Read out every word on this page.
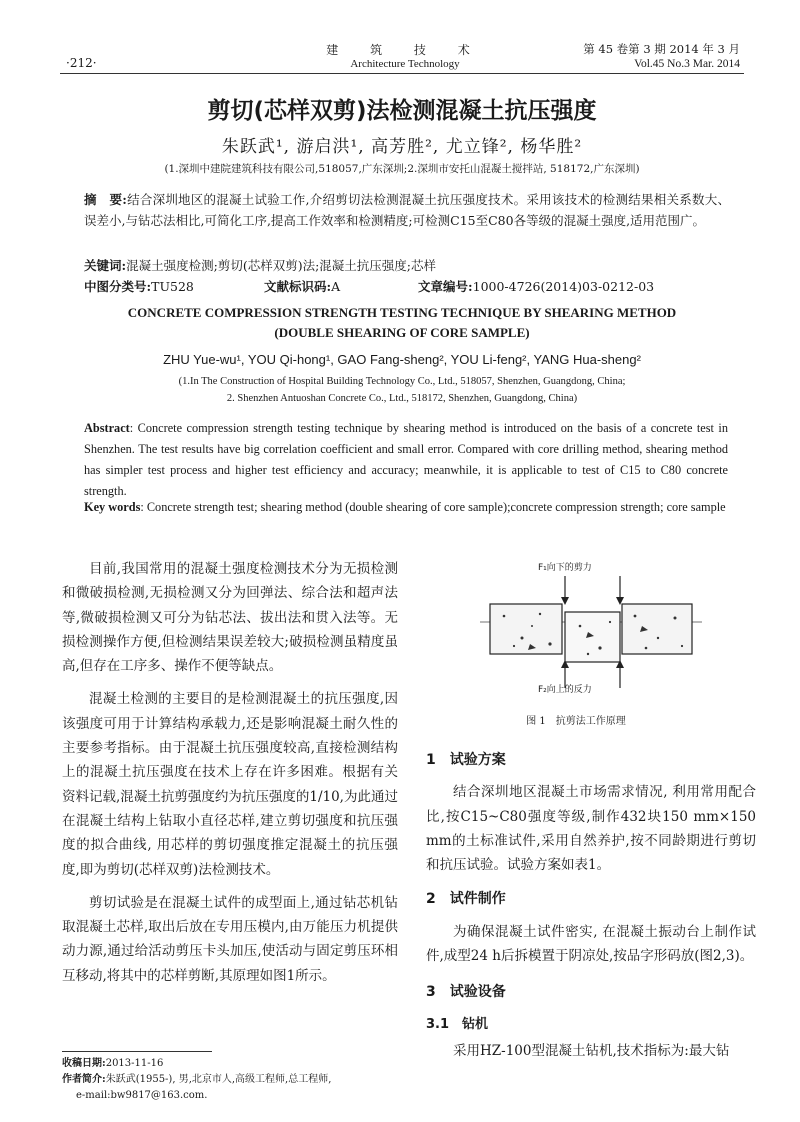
·212·
建 筑 技 术
Architecture Technology
第 45 卷第 3 期 2014 年 3 月
Vol.45 No.3 Mar. 2014
剪切(芯样双剪)法检测混凝土抗压强度
朱跃武¹, 游启洪¹, 高芳胜², 尤立锋², 杨华胜²
(1.深圳中建院建筑科技有限公司,518057,广东深圳;2.深圳市安托山混凝土搅拌站, 518172,广东深圳)
摘　要:结合深圳地区的混凝土试验工作,介绍剪切法检测混凝土抗压强度技术。采用该技术的检测结果相关系数大、误差小,与钻芯法相比,可简化工序,提高工作效率和检测精度;可检测C15至C80各等级的混凝土强度,适用范围广。
关键词:混凝土强度检测;剪切(芯样双剪)法;混凝土抗压强度;芯样
中图分类号:TU528	文献标识码:A	文章编号:1000-4726(2014)03-0212-03
CONCRETE COMPRESSION STRENGTH TESTING TECHNIQUE BY SHEARING METHOD
(DOUBLE SHEARING OF CORE SAMPLE)
ZHU Yue-wu¹, YOU Qi-hong¹, GAO Fang-sheng², YOU Li-feng², YANG Hua-sheng²
(1.In The Construction of Hospital Building Technology Co., Ltd., 518057, Shenzhen, Guangdong, China;
2. Shenzhen Antuoshan Concrete Co., Ltd., 518172, Shenzhen, Guangdong, China)
Abstract: Concrete compression strength testing technique by shearing method is introduced on the basis of a concrete test in Shenzhen. The test results have big correlation coefficient and small error. Compared with core drilling method, shearing method has simpler test process and higher test efficiency and accuracy; meanwhile, it is applicable to test of C15 to C80 concrete strength.
Key words: Concrete strength test; shearing method (double shearing of core sample);concrete compression strength; core sample

目前,我国常用的混凝土强度检测技术分为无损检测和微破损检测,无损检测又分为回弹法、综合法和超声法等,微破损检测又可分为钻芯法、拔出法和贯入法等。无损检测操作方便,但检测结果误差较大;破损检测虽精度虽高,但存在工序多、操作不便等缺点。

混凝土检测的主要目的是检测混凝土的抗压强度,因该强度可用于计算结构承载力,还是影响混凝土耐久性的主要参考指标。由于混凝土抗压强度较高,直接检测结构上的混凝土抗压强度在技术上存在许多困难。根据有关资料记载,混凝土抗剪强度约为抗压强度的1/10,为此通过在混凝土结构上钻取小直径芯样,建立剪切强度和抗压强度的拟合曲线, 用芯样的剪切强度推定混凝土的抗压强度,即为剪切(芯样双剪)法检测技术。

剪切试验是在混凝土试件的成型面上,通过钻芯机钻取混凝土芯样,取出后放在专用压模内,由万能压力机提供动力源,通过给活动剪压卡头加压,使活动与固定剪压环相互移动,将其中的芯样剪断,其原理如图1所示。

收稿日期:2013-11-16
作者简介:朱跃武(1955-), 男,北京市人,高级工程师,总工程师,
e-mail:bw9817@163.com.
F₁向下的剪力
F₂向上的反力
图 1　抗剪法工作原理
1　试验方案

结合深圳地区混凝土市场需求情况, 利用常用配合比,按C15~C80强度等级,制作432块150 mm×150 mm的土标准试件,采用自然养护,按不同龄期进行剪切和抗压试验。试验方案如表1。

2　试件制作

为确保混凝土试件密实, 在混凝土振动台上制作试件,成型24 h后拆模置于阴凉处,按品字形码放(图2,3)。

3　试验设备
3.1　钻机

采用HZ-100型混凝土钻机,技术指标为:最大钻
